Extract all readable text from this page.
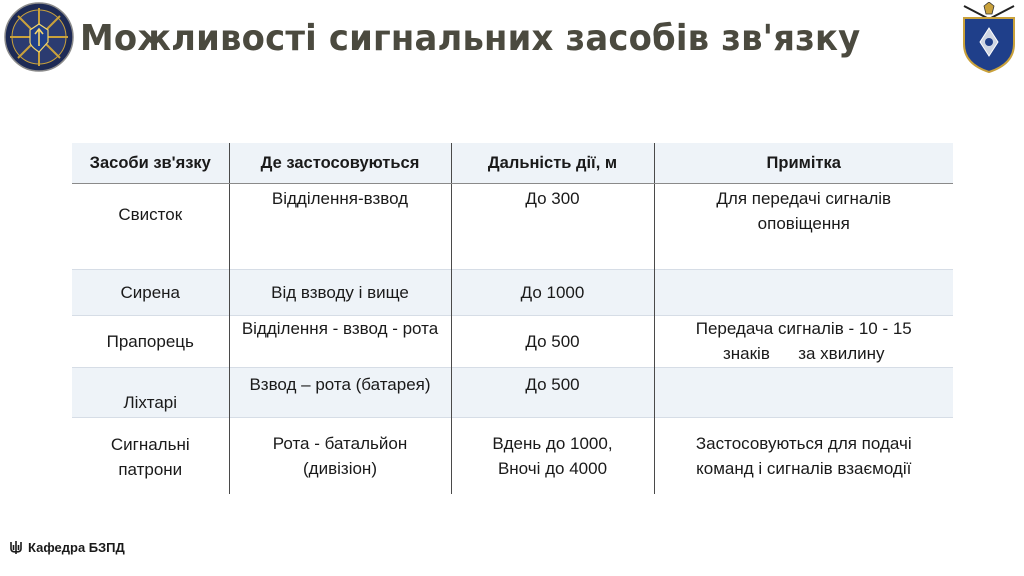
Можливості сигнальних засобів зв'язку
Засоби зв'язку	Де застосовуються	Дальність дії, м	Примітка
Свисток	Відділення-взвод	До 300	Для передачі сигналів оповіщення
Сирена	Від взводу і вище	До 1000	
Прапорець	Відділення - взвод - рота	До 500	Передача сигналів - 10 - 15 знаків      за хвилину
Ліхтарі	Взвод – рота (батарея)	До 500	
Сигнальні патрони	Рота - батальйон (дивізіон)	Вдень до 1000, Вночі до 4000	Застосовуються для подачі команд і сигналів взаємодії
Кафедра БЗПД
